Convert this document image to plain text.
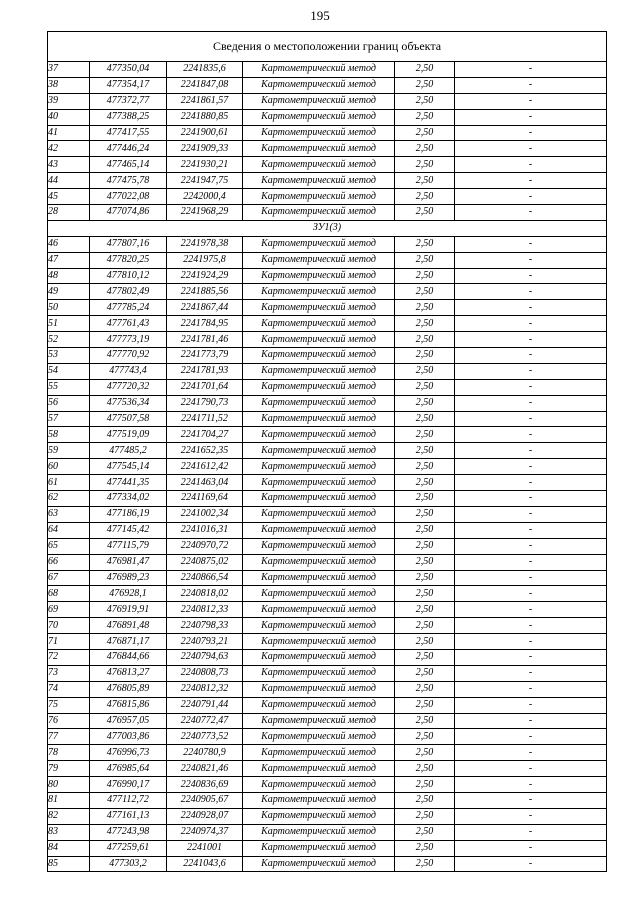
195
Сведения о местоположении границ объекта					
37	477350,04	2241835,6	Картометрический метод	2,50	-
38	477354,17	2241847,08	Картометрический метод	2,50	-
39	477372,77	2241861,57	Картометрический метод	2,50	-
40	477388,25	2241880,85	Картометрический метод	2,50	-
41	477417,55	2241900,61	Картометрический метод	2,50	-
42	477446,24	2241909,33	Картометрический метод	2,50	-
43	477465,14	2241930,21	Картометрический метод	2,50	-
44	477475,78	2241947,75	Картометрический метод	2,50	-
45	477022,08	2242000,4	Картометрический метод	2,50	-
28	477074,86	2241968,29	Картометрический метод	2,50	-
ЗУ1(3)					
46	477807,16	2241978,38	Картометрический метод	2,50	-
47	477820,25	2241975,8	Картометрический метод	2,50	-
48	477810,12	2241924,29	Картометрический метод	2,50	-
49	477802,49	2241885,56	Картометрический метод	2,50	-
50	477785,24	2241867,44	Картометрический метод	2,50	-
51	477761,43	2241784,95	Картометрический метод	2,50	-
52	477773,19	2241781,46	Картометрический метод	2,50	-
53	477770,92	2241773,79	Картометрический метод	2,50	-
54	477743,4	2241781,93	Картометрический метод	2,50	-
55	477720,32	2241701,64	Картометрический метод	2,50	-
56	477536,34	2241790,73	Картометрический метод	2,50	-
57	477507,58	2241711,52	Картометрический метод	2,50	-
58	477519,09	2241704,27	Картометрический метод	2,50	-
59	477485,2	2241652,35	Картометрический метод	2,50	-
60	477545,14	2241612,42	Картометрический метод	2,50	-
61	477441,35	2241463,04	Картометрический метод	2,50	-
62	477334,02	2241169,64	Картометрический метод	2,50	-
63	477186,19	2241002,34	Картометрический метод	2,50	-
64	477145,42	2241016,31	Картометрический метод	2,50	-
65	477115,79	2240970,72	Картометрический метод	2,50	-
66	476981,47	2240875,02	Картометрический метод	2,50	-
67	476989,23	2240866,54	Картометрический метод	2,50	-
68	476928,1	2240818,02	Картометрический метод	2,50	-
69	476919,91	2240812,33	Картометрический метод	2,50	-
70	476891,48	2240798,33	Картометрический метод	2,50	-
71	476871,17	2240793,21	Картометрический метод	2,50	-
72	476844,66	2240794,63	Картометрический метод	2,50	-
73	476813,27	2240808,73	Картометрический метод	2,50	-
74	476805,89	2240812,32	Картометрический метод	2,50	-
75	476815,86	2240791,44	Картометрический метод	2,50	-
76	476957,05	2240772,47	Картометрический метод	2,50	-
77	477003,86	2240773,52	Картометрический метод	2,50	-
78	476996,73	2240780,9	Картометрический метод	2,50	-
79	476985,64	2240821,46	Картометрический метод	2,50	-
80	476990,17	2240836,69	Картометрический метод	2,50	-
81	477112,72	2240905,67	Картометрический метод	2,50	-
82	477161,13	2240928,07	Картометрический метод	2,50	-
83	477243,98	2240974,37	Картометрический метод	2,50	-
84	477259,61	2241001	Картометрический метод	2,50	-
85	477303,2	2241043,6	Картометрический метод	2,50	-
